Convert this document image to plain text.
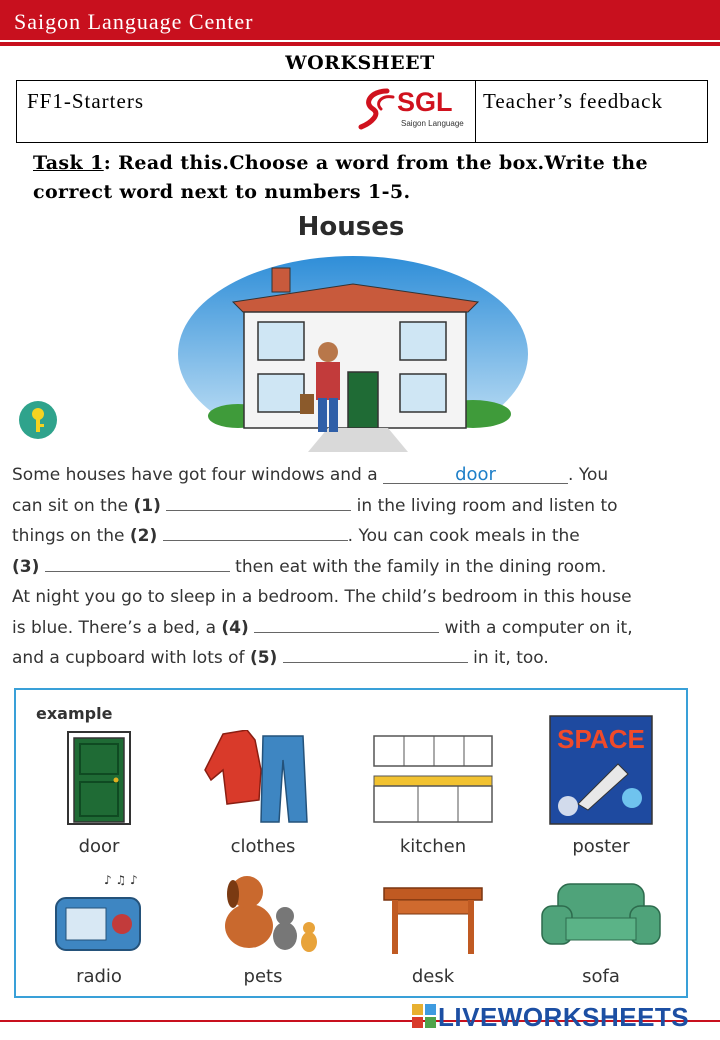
Saigon Language Center
WORKSHEET
FF1-Starters	SGL
Saigon Language
Teacher’s feedback
Task 1: Read this.Choose a word from the box.Write the correct word next to numbers 1-5.
Houses
Some houses have got four windows and a	door	. You
can sit on the (1)	in the living room and listen to
things on the (2)	. You can cook meals in the
(3)	then eat with the family in the dining room.
At night you go to sleep in a bedroom. The child’s bedroom in this house
is blue. There’s a bed, a (4)	with a computer on it,
and a cupboard with lots of (5)	in it, too.
example
door	clothes	kitchen
SPACE
poster
♪ ♫ ♪
radio	pets	desk	sofa
LIVEWORKSHEETS
